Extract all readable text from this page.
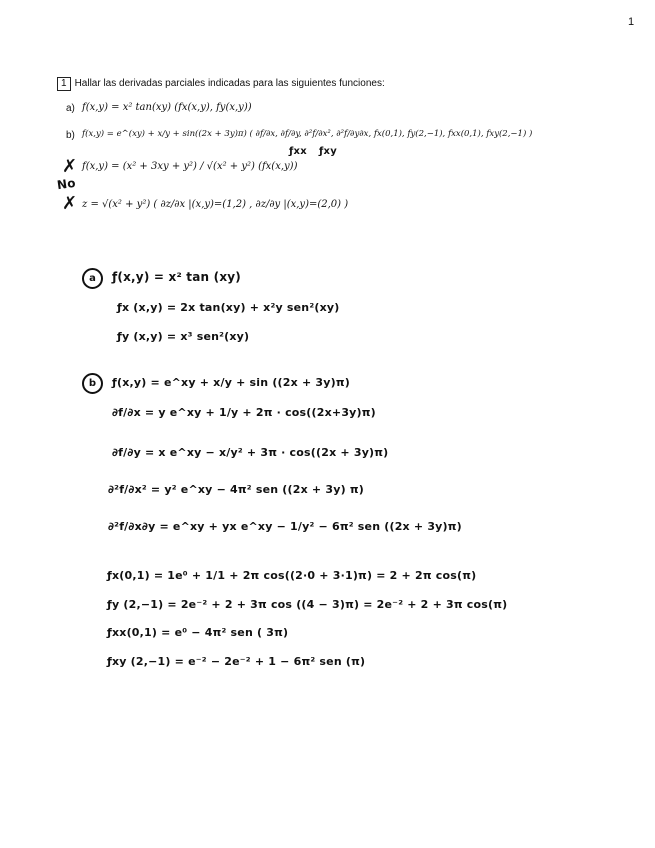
1
1 Hallar las derivadas parciales indicadas para las siguientes funciones:
a) f(x,y) = x² tan(xy) (fx(x,y), fy(x,y))
b) f(x,y) = e^(xy) + x/y + sin((2x + 3y)π) ( ∂f/∂x, ∂f/∂y, ∂²f/∂x², ∂²f/∂y∂x, fx(0,1), fy(2,−1), fxx(0,1), fxy(2,−1) )
ƒxx ƒxy
✗ f(x,y) = (x² + 3xy + y²) / √(x² + y²) (fx(x,y))
No
✗ z = √(x² + y²) ( ∂z/∂x |(x,y)=(1,2) , ∂z/∂y |(x,y)=(2,0) )
a	ƒ(x,y) = x² tan (xy)
ƒx (x,y) = 2x tan(xy) + x²y sen²(xy)
ƒy (x,y) = x³ sen²(xy)
b	ƒ(x,y) = e^xy + x/y + sin ((2x + 3y)π)
∂f/∂x = y e^xy + 1/y + 2π · cos((2x+3y)π)
∂f/∂y = x e^xy − x/y² + 3π · cos((2x + 3y)π)
∂²f/∂x² = y² e^xy − 4π² sen ((2x + 3y) π)
∂²f/∂x∂y = e^xy + yx e^xy − 1/y² − 6π² sen ((2x + 3y)π)
ƒx(0,1) = 1e⁰ + 1/1 + 2π cos((2·0 + 3·1)π) = 2 + 2π cos(π)
ƒy (2,−1) = 2e⁻² + 2 + 3π cos ((4 − 3)π) = 2e⁻² + 2 + 3π cos(π)
ƒxx(0,1) = e⁰ − 4π² sen ( 3π)
ƒxy (2,−1) = e⁻² − 2e⁻² + 1 − 6π² sen (π)
